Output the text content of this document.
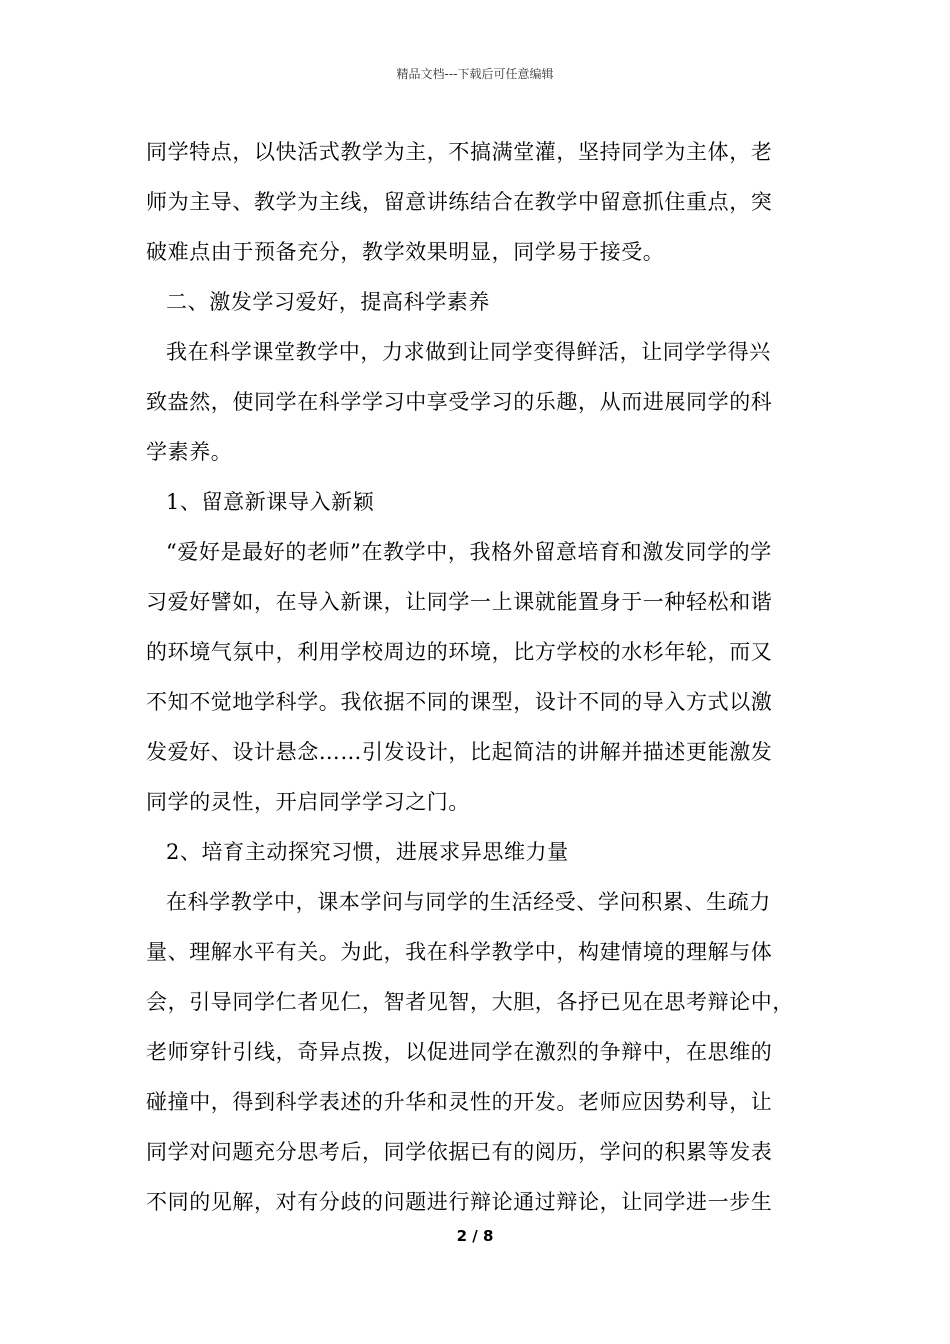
精品文档---下载后可任意编辑
同学特点，以快活式教学为主，不搞满堂灌，坚持同学为主体，老
师为主导、教学为主线，留意讲练结合在教学中留意抓住重点，突
破难点由于预备充分，教学效果明显，同学易于接受。
二、激发学习爱好，提高科学素养
我在科学课堂教学中，力求做到让同学变得鲜活，让同学学得兴
致盎然，使同学在科学学习中享受学习的乐趣，从而进展同学的科
学素养。
1、留意新课导入新颖
“爱好是最好的老师”在教学中，我格外留意培育和激发同学的学
习爱好譬如，在导入新课，让同学一上课就能置身于一种轻松和谐
的环境气氛中，利用学校周边的环境，比方学校的水杉年轮，而又
不知不觉地学科学。我依据不同的课型，设计不同的导入方式以激
发爱好、设计悬念……引发设计，比起简洁的讲解并描述更能激发
同学的灵性，开启同学学习之门。
2、培育主动探究习惯，进展求异思维力量
在科学教学中，课本学问与同学的生活经受、学问积累、生疏力
量、理解水平有关。为此，我在科学教学中，构建情境的理解与体
会，引导同学仁者见仁，智者见智，大胆，各抒已见在思考辩论中，
老师穿针引线，奇异点拨，以促进同学在激烈的争辩中，在思维的
碰撞中，得到科学表述的升华和灵性的开发。老师应因势利导，让
同学对问题充分思考后，同学依据已有的阅历，学问的积累等发表
不同的见解，对有分歧的问题进行辩论通过辩论，让同学进一步生
2 / 8
